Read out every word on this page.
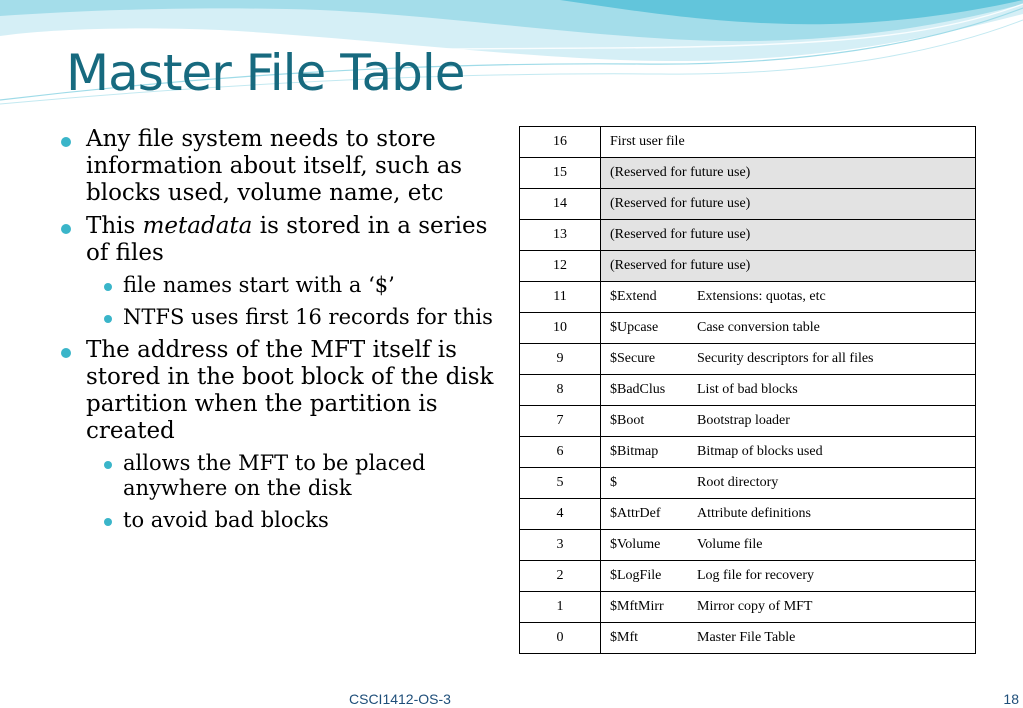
Master File Table
Any file system needs to store information about itself, such as blocks used, volume name, etc
This metadata is stored in a series of files
file names start with a ‘$’
NTFS uses first 16 records for this
The address of the MFT itself is stored in the boot block of the disk partition when the partition is created
allows the MFT to be placed anywhere on the disk
to avoid bad blocks
16	First user file
15	(Reserved for future use)
14	(Reserved for future use)
13	(Reserved for future use)
12	(Reserved for future use)
11	$Extend Extensions: quotas, etc
10	$Upcase Case conversion table
9	$Secure Security descriptors for all files
8	$BadClus List of bad blocks
7	$Boot Bootstrap loader
6	$Bitmap Bitmap of blocks used
5	$ Root directory
4	$AttrDef Attribute definitions
3	$Volume Volume file
2	$LogFile Log file for recovery
1	$MftMirr Mirror copy of MFT
0	$Mft Master File Table
CSCI1412-OS-3	18
